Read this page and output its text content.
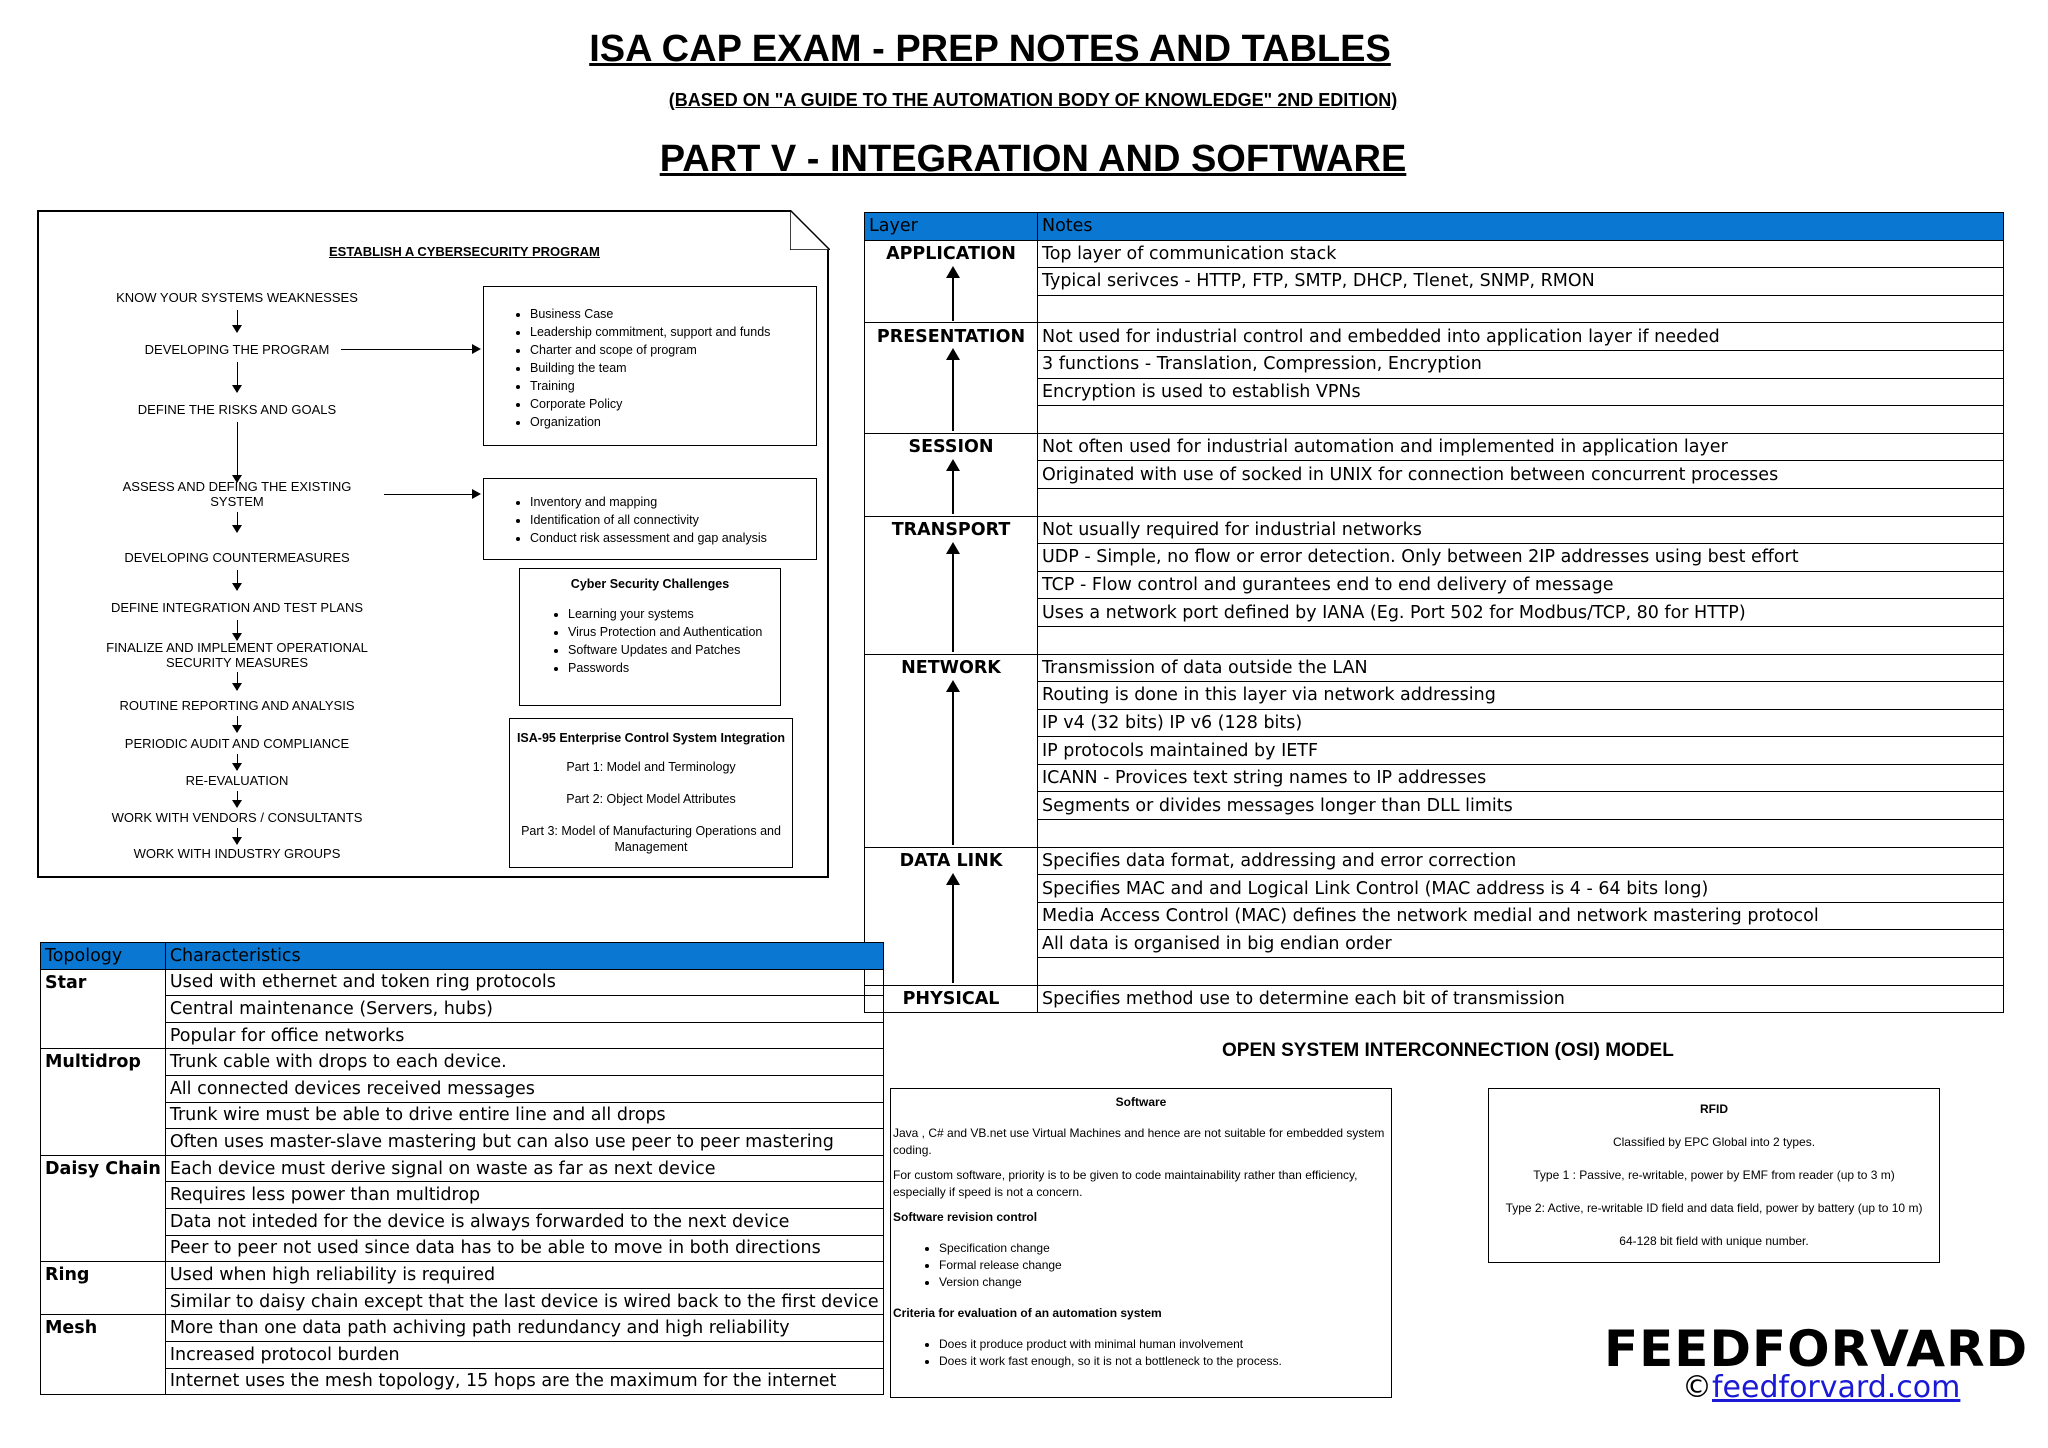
ISA CAP EXAM - PREP NOTES AND TABLES
(BASED ON "A GUIDE TO THE AUTOMATION BODY OF KNOWLEDGE" 2ND EDITION)
PART V - INTEGRATION AND SOFTWARE
ESTABLISH A CYBERSECURITY PROGRAM
KNOW YOUR SYSTEMS WEAKNESSES
DEVELOPING THE PROGRAM
DEFINE THE RISKS AND GOALS
ASSESS AND DEFING THE EXISTING SYSTEM
DEVELOPING COUNTERMEASURES
DEFINE INTEGRATION AND TEST PLANS
FINALIZE AND IMPLEMENT OPERATIONAL SECURITY MEASURES
ROUTINE REPORTING AND ANALYSIS
PERIODIC AUDIT AND COMPLIANCE
RE-EVALUATION
WORK WITH VENDORS / CONSULTANTS
WORK WITH INDUSTRY GROUPS
• Business Case
• Leadership commitment, support and funds
• Charter and scope of program
• Building the team
• Training
• Corporate Policy
• Organization
• Inventory and mapping
• Identification of all connectivity
• Conduct risk assessment and gap analysis
Cyber Security Challenges
• Learning your systems
• Virus Protection and Authentication
• Software Updates and Patches
• Passwords
ISA-95 Enterprise Control System Integration

Part 1: Model and Terminology

Part 2: Object Model Attributes

Part 3: Model of Manufacturing Operations and Management

Layer	Notes
APPLICATION	Top layer of communication stack
	Typical serivces - HTTP, FTP, SMTP, DHCP, Tlenet, SNMP, RMON

PRESENTATION	Not used for industrial control and embedded into application layer if needed
	3 functions - Translation, Compression, Encryption
	Encryption is used to establish VPNs

SESSION	Not often used for industrial automation and implemented in application layer
	Originated with use of socked in UNIX for connection between concurrent processes

TRANSPORT	Not usually required for industrial networks
	UDP - Simple, no flow or error detection. Only between 2IP addresses using best effort
	TCP - Flow control and gurantees end to end delivery of message
	Uses a network port defined by IANA (Eg. Port 502 for Modbus/TCP, 80 for HTTP)

NETWORK	Transmission of data outside the LAN
	Routing is done in this layer via network addressing
	IP v4 (32 bits) IP v6 (128 bits)
	IP protocols maintained by IETF
	ICANN - Provices text string names to IP addresses
	Segments or divides messages longer than DLL limits

DATA LINK	Specifies data format, addressing and error correction
	Specifies MAC and and Logical Link Control (MAC address is 4 - 64 bits long)
	Media Access Control (MAC) defines the network medial and network mastering protocol
	All data is organised in big endian order

PHYSICAL	Specifies method use to determine each bit of transmission
OPEN SYSTEM INTERCONNECTION (OSI) MODEL
Topology	Characteristics
Star	Used with ethernet and token ring protocols
	Central maintenance (Servers, hubs)
	Popular for office networks
Multidrop	Trunk cable with drops to each device.
	All connected devices received messages
	Trunk wire must be able to drive entire line and all drops
	Often uses master-slave mastering but can also use peer to peer mastering
Daisy Chain	Each device must derive signal on waste as far as next device
	Requires less power than multidrop
	Data not inteded for the device is always forwarded to the next device
	Peer to peer not used since data has to be able to move in both directions
Ring	Used when high reliability is required
	Similar to daisy chain except that the last device is wired back to the first device
Mesh	More than one data path achiving path redundancy and high reliability
	Increased protocol burden
	Internet uses the mesh topology, 15 hops are the maximum for the internet
Software

Java , C# and VB.net use Virtual Machines and hence are not suitable for embedded system coding.

For custom software, priority is to be given to code maintainability rather than efficiency, especially if speed is not a concern.

Software revision control

• Specification change
• Formal release change
• Version change

Criteria for evaluation of an automation system

• Does it produce product with minimal human involvement
• Does it work fast enough, so it is not a bottleneck to the process.

RFID

Classified by EPC Global into 2 types.

Type 1 : Passive, re-writable, power by EMF from reader (up to 3 m)

Type 2: Active, re-writable ID field and data field, power by battery (up to 10 m)

64-128 bit field with unique number.

FEEDFORVARD
©feedforvard.com
